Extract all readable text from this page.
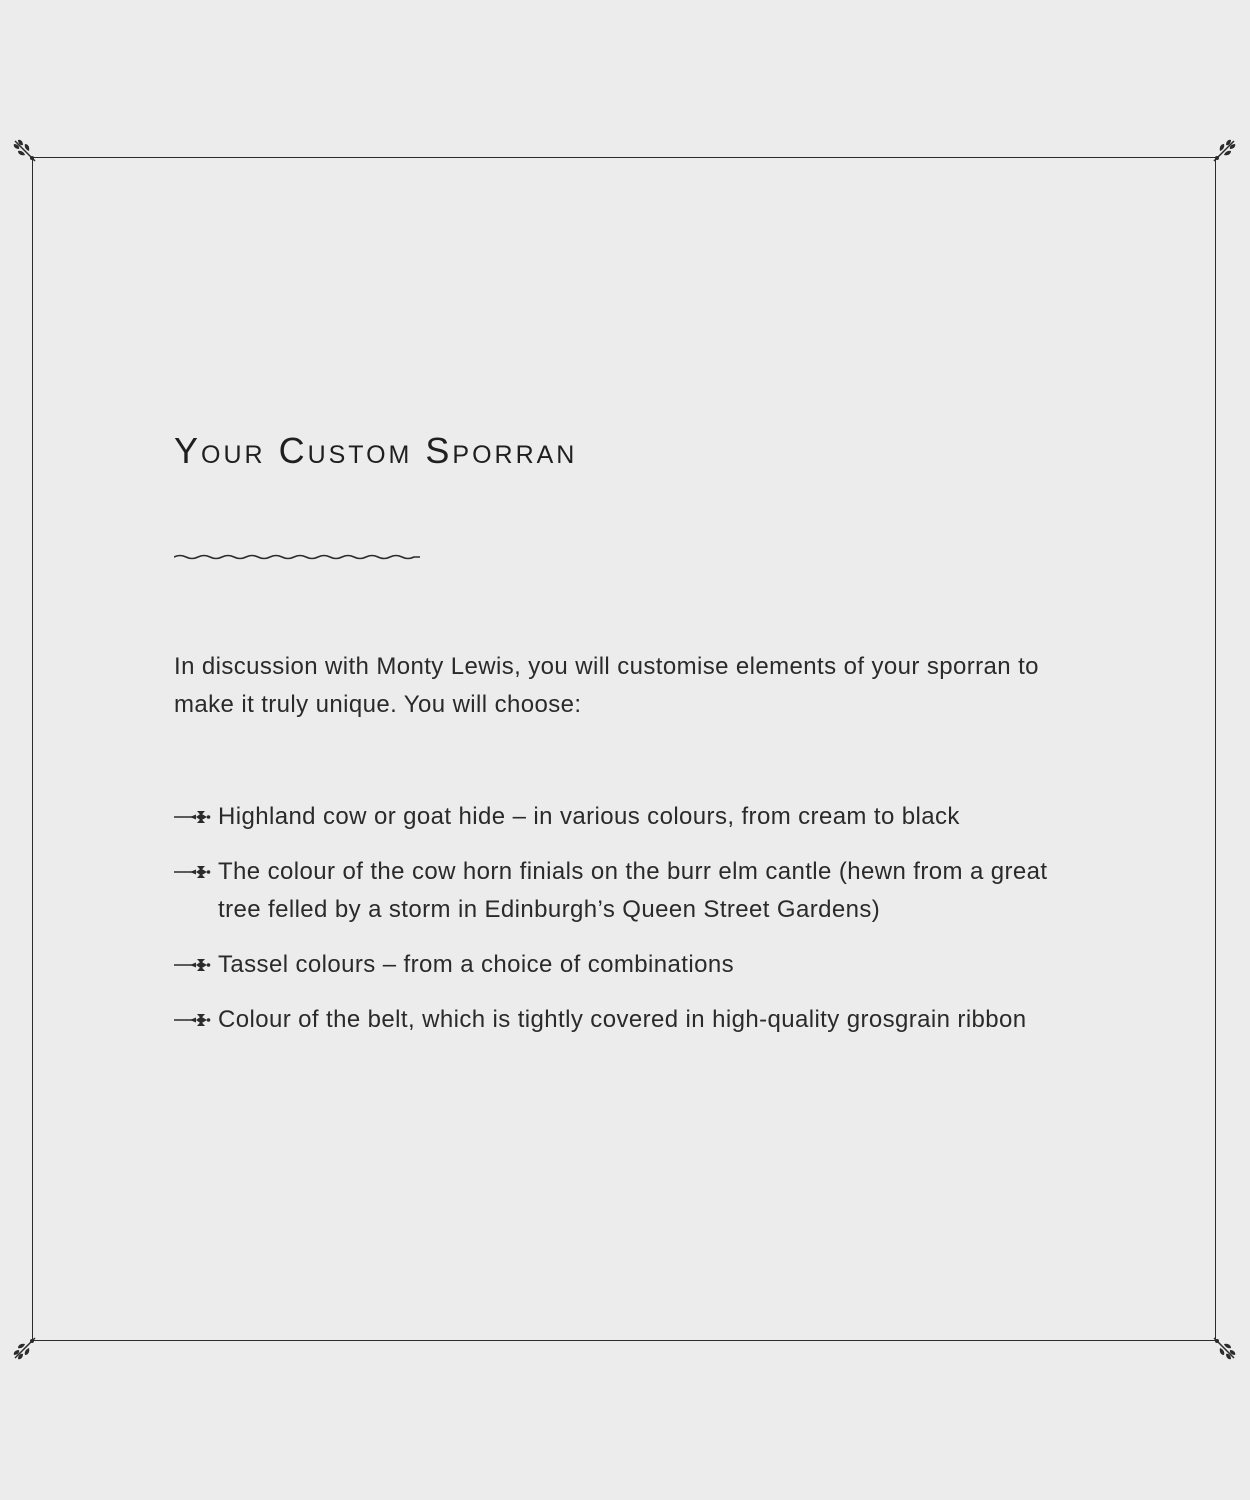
Your Custom Sporran

In discussion with Monty Lewis, you will customise elements of your sporran to make it truly unique. You will choose:

Highland cow or goat hide – in various colours, from cream to black
The colour of the cow horn finials on the burr elm cantle (hewn from a great tree felled by a storm in Edinburgh’s Queen Street Gardens)
Tassel colours – from a choice of combinations
Colour of the belt, which is tightly covered in high-quality grosgrain ribbon
